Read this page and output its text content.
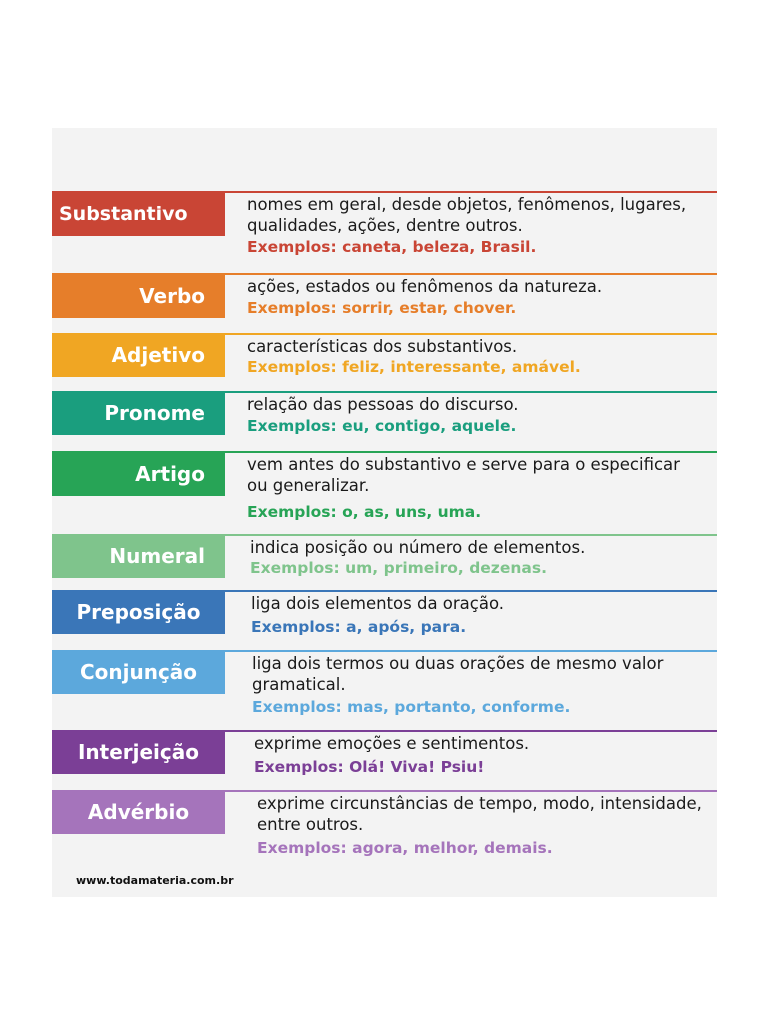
Substantivo	nomes em geral, desde objetos, fenômenos, lugares, qualidades, ações, dentre outros.

Exemplos: caneta, beleza, Brasil.

Verbo	ações, estados ou fenômenos da natureza.

Exemplos: sorrir, estar, chover.

Adjetivo	características dos substantivos.

Exemplos: feliz, interessante, amável.

Pronome	relação das pessoas do discurso.

Exemplos: eu, contigo, aquele.

Artigo	vem antes do substantivo e serve para o especificar ou generalizar.

Exemplos: o, as, uns, uma.

Numeral	indica posição ou número de elementos.

Exemplos: um, primeiro, dezenas.

Preposição	liga dois elementos da oração.

Exemplos: a, após, para.

Conjunção	liga dois termos ou duas orações de mesmo valor gramatical.

Exemplos: mas, portanto, conforme.

Interjeição	exprime emoções e sentimentos.

Exemplos: Olá! Viva! Psiu!

Advérbio	exprime circunstâncias de tempo, modo, intensidade, entre outros.

Exemplos: agora, melhor, demais.

www.todamateria.com.br
